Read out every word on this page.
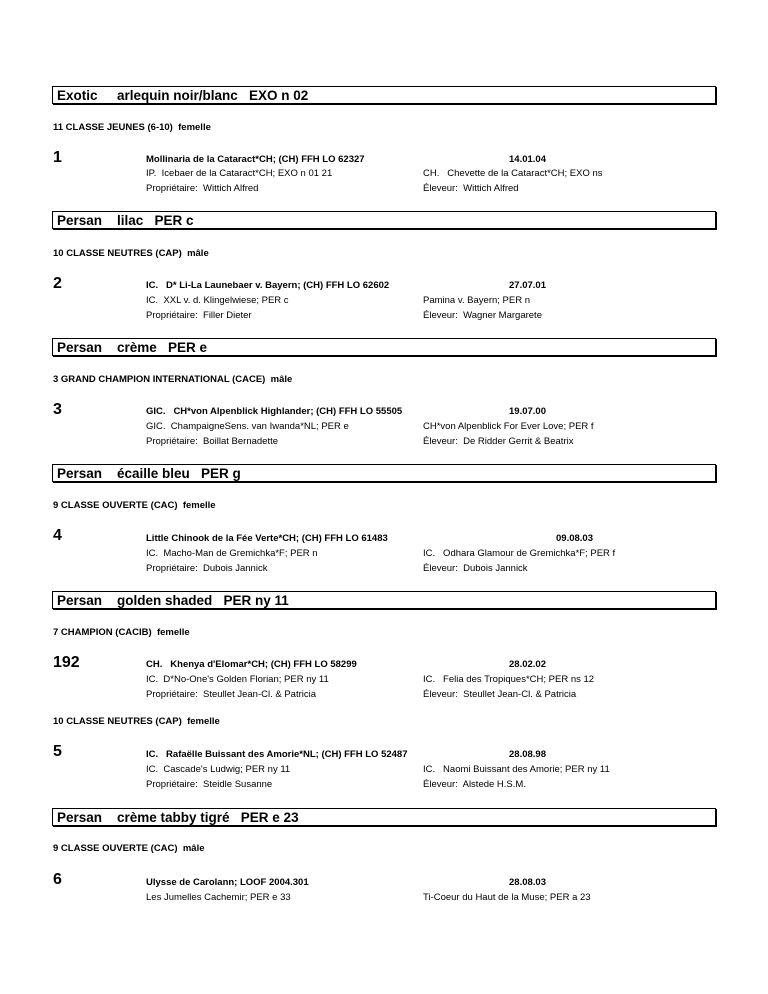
Exotic arlequin noir/blanc   EXO n 02
11 CLASSE JEUNES (6-10)  femelle
1	Mollinaria de la Cataract*CH; (CH) FFH LO 62327	14.01.04
IP.  Icebaer de la Cataract*CH; EXO n 01 21	CH.   Chevette de la Cataract*CH; EXO ns
Propriétaire:  Wittich Alfred	Éleveur:  Wittich Alfred
Persan lilac   PER c
10 CLASSE NEUTRES (CAP)  mâle
2	IC.   D* Li-La Launebaer v. Bayern; (CH) FFH LO 62602	27.07.01
IC.  XXL v. d. Klingelwiese; PER c	Pamina v. Bayern; PER n
Propriétaire:  Filler Dieter	Éleveur:  Wagner Margarete
Persan crème   PER e
3 GRAND CHAMPION INTERNATIONAL (CACE)  mâle
3	GIC.   CH*von Alpenblick Highlander; (CH) FFH LO 55505	19.07.00
GIC.  ChampaigneSens. van Iwanda*NL; PER e	CH*von Alpenblick For Ever Love; PER f
Propriétaire:  Boillat Bernadette	Éleveur:  De Ridder Gerrit & Beatrix
Persan écaille bleu   PER g
9 CLASSE OUVERTE (CAC)  femelle
4	Little Chinook de la Fée Verte*CH; (CH) FFH LO 61483	09.08.03
IC.  Macho-Man de Gremichka*F; PER n	IC.   Odhara Glamour de Gremichka*F; PER f
Propriétaire:  Dubois Jannick	Éleveur:  Dubois Jannick
Persan golden shaded   PER ny 11
7 CHAMPION (CACIB)  femelle
192	CH.   Khenya d'Elomar*CH; (CH) FFH LO 58299	28.02.02
IC.  D*No-One's Golden Florian; PER ny 11	IC.   Felia des Tropiques*CH; PER ns 12
Propriétaire:  Steullet Jean-Cl. & Patricia	Éleveur:  Steullet Jean-Cl. & Patricia
10 CLASSE NEUTRES (CAP)  femelle
5	IC.   Rafaëlle Buissant des Amorie*NL; (CH) FFH LO 52487	28.08.98
IC.  Cascade's Ludwig; PER ny 11	IC.   Naomi Buissant des Amorie; PER ny 11
Propriétaire:  Steidle Susanne	Éleveur:  Alstede H.S.M.
Persan crème tabby tigré   PER e 23
9 CLASSE OUVERTE (CAC)  mâle
6	Ulysse de Carolann; LOOF 2004.301	28.08.03
Les Jumelles Cachemir; PER e 33	Ti-Coeur du Haut de la Muse; PER a 23
